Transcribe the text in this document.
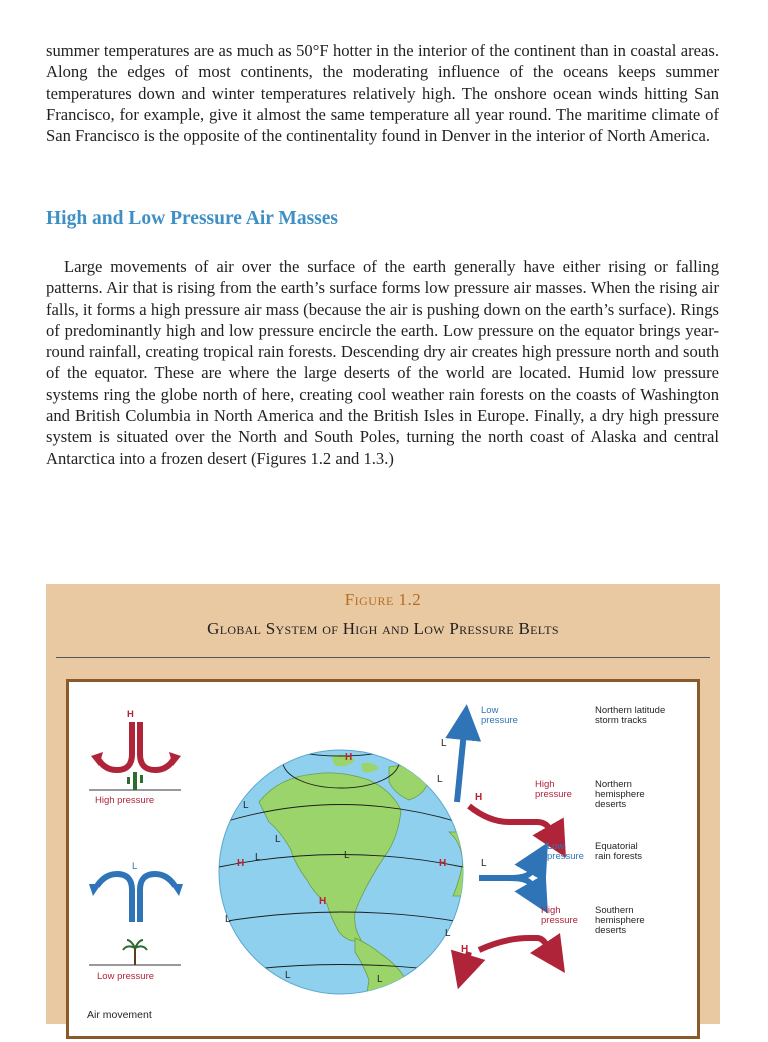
summer temperatures are as much as 50°F hotter in the interior of the continent than in coastal areas. Along the edges of most continents, the moderating influence of the oceans keeps summer temperatures down and winter temperatures relatively high. The onshore ocean winds hitting San Francisco, for example, give it almost the same temperature all year round. The maritime climate of San Francisco is the opposite of the continentality found in Denver in the interior of North America.

High and Low Pressure Air Masses

Large movements of air over the surface of the earth generally have either rising or falling patterns. Air that is rising from the earth’s surface forms low pressure air masses. When the rising air falls, it forms a high pressure air mass (because the air is pushing down on the earth’s surface). Rings of predominantly high and low pressure encircle the earth. Low pressure on the equator brings year-round rainfall, creating tropical rain forests. Descending dry air creates high pressure north and south of the equator. These are where the large deserts of the world are located. Humid low pressure systems ring the globe north of here, creating cool weather rain forests on the coasts of Washington and British Columbia in North America and the British Isles in Europe. Finally, a dry high pressure system is situated over the North and South Poles, turning the north coast of Alaska and central Antarctica into a frozen desert (Figures 1.2 and 1.3.)

Figure 1.2
Global System of High and Low Pressure Belts
H
High pressure
L
Low pressure
Air movement
H
L
L
L
H
L
L
H
L
H	L
H
L
L
H
L	L
Low
pressure
Northern latitude
storm tracks
High
pressure
Northern
hemisphere
deserts
Low
pressure
Equatorial
rain forests
High
pressure
Southern
hemisphere
deserts
